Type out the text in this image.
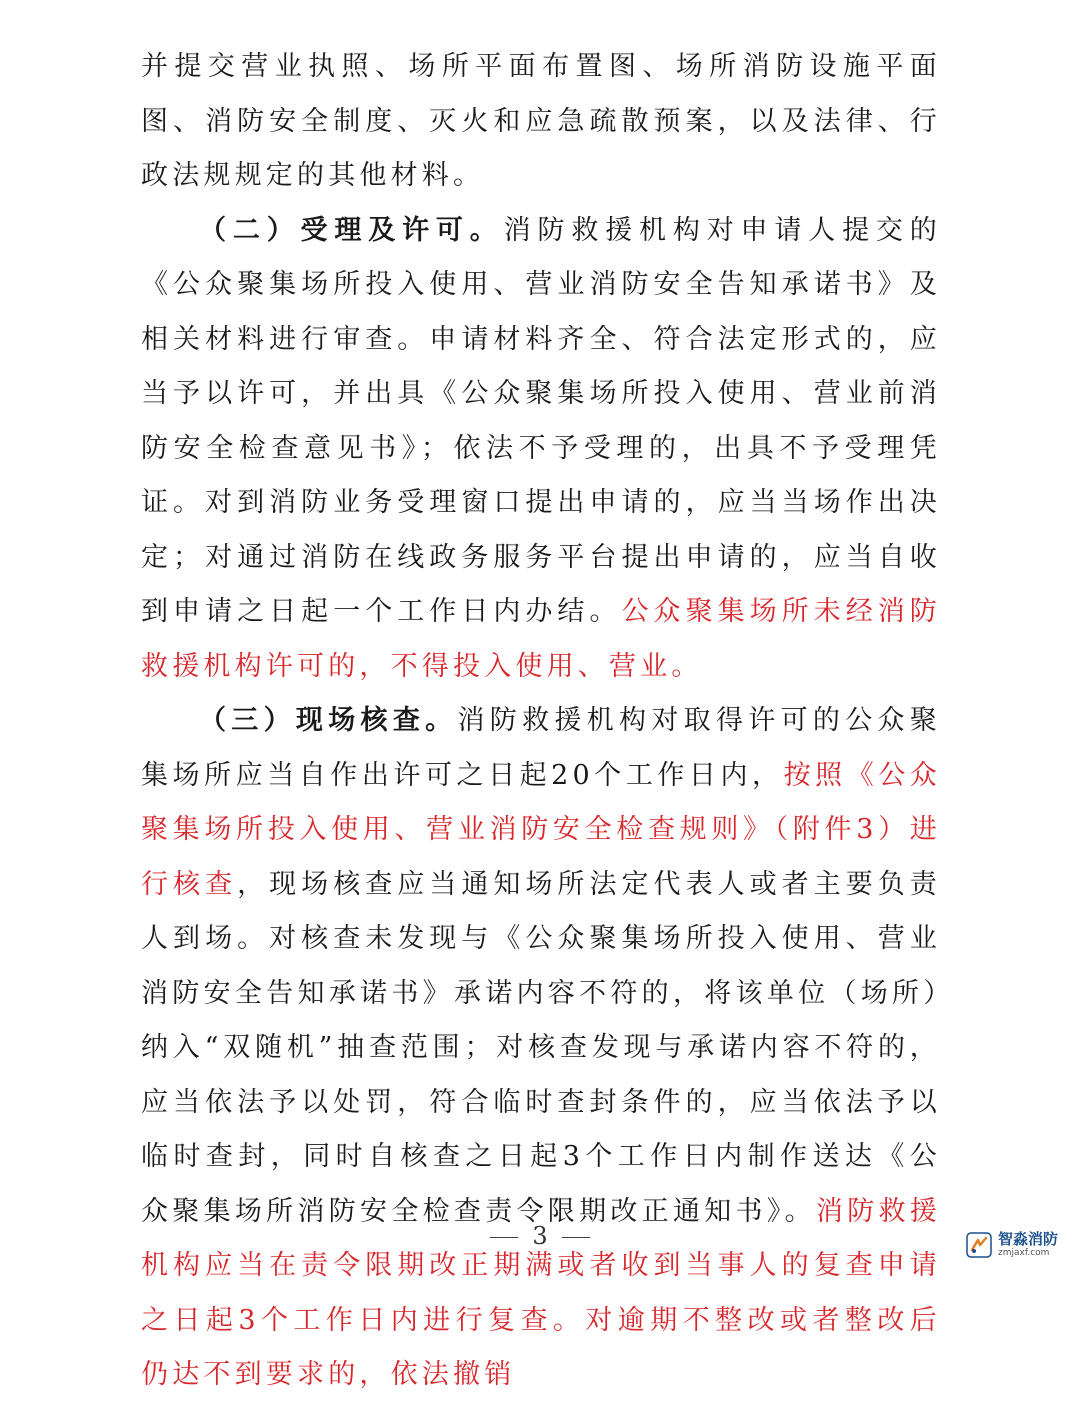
并提交营业执照、场所平面布置图、场所消防设施平面图、消防安全制度、灭火和应急疏散预案，以及法律、行政法规规定的其他材料。

（二）受理及许可。消防救援机构对申请人提交的《公众聚集场所投入使用、营业消防安全告知承诺书》及相关材料进行审查。申请材料齐全、符合法定形式的，应当予以许可，并出具《公众聚集场所投入使用、营业前消防安全检查意见书》；依法不予受理的，出具不予受理凭证。对到消防业务受理窗口提出申请的，应当当场作出决定；对通过消防在线政务服务平台提出申请的，应当自收到申请之日起一个工作日内办结。公众聚集场所未经消防救援机构许可的，不得投入使用、营业。

（三）现场核查。消防救援机构对取得许可的公众聚集场所应当自作出许可之日起20个工作日内，按照《公众聚集场所投入使用、营业消防安全检查规则》（附件3）进行核查，现场核查应当通知场所法定代表人或者主要负责人到场。对核查未发现与《公众聚集场所投入使用、营业消防安全告知承诺书》承诺内容不符的，将该单位（场所）纳入“双随机”抽查范围；对核查发现与承诺内容不符的，应当依法予以处罚，符合临时查封条件的，应当依法予以临时查封，同时自核查之日起3个工作日内制作送达《公众聚集场所消防安全检查责令限期改正通知书》。消防救援机构应当在责令限期改正期满或者收到当事人的复查申请之日起3个工作日内进行复查。对逾期不整改或者整改后仍达不到要求的，依法撤销

3	智淼消防
zmjaxf.com
